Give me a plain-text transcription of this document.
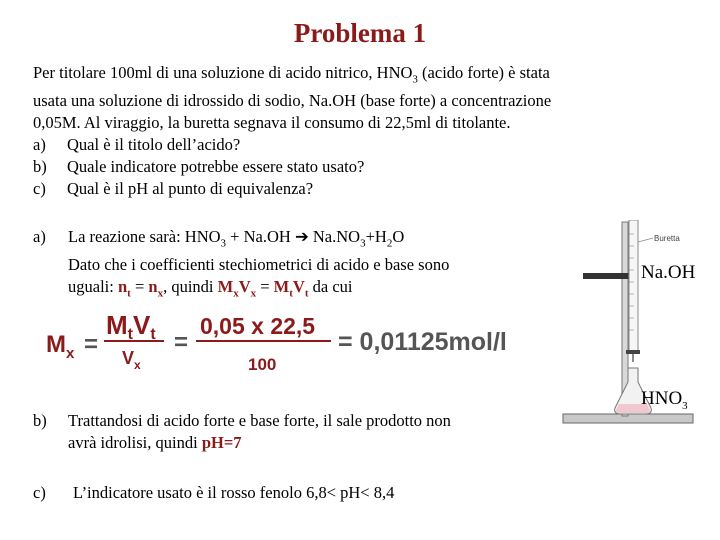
Problema 1

Per titolare 100ml di una soluzione di acido nitrico, $HNO_3$ (acido forte) è stata

usata una soluzione di idrossido di sodio, Na.OH (base forte) a concentrazione

0,05M. Al viraggio, la buretta segnava il consumo di 22,5ml di titolante.

a)	Qual è il titolo dell’acido?
b)	Quale indicatore potrebbe essere stato usato?
c)	Qual è il pH al punto di equivalenza?
a) La reazione sarà: $HNO_3 + Na.OH$ ➔ $Na.NO_3+H_2O$
Dato che i coefficienti stechiometrici di acido e base sono
uguali: $n_t = n_x$, quindi $M_xV_x = M_tV_t$ da cui
$M_x$ =
MtVt
$V_x$
=
0,05 x 22,5
100
= 0,01125mol/l
b) Trattandosi di acido forte e base forte, il sale prodotto non
avrà idrolisi, quindi pH=7
c) L’indicatore usato è il rosso fenolo 6,8< pH< 8,4
Buretta
Na.OH
$HNO_3$
